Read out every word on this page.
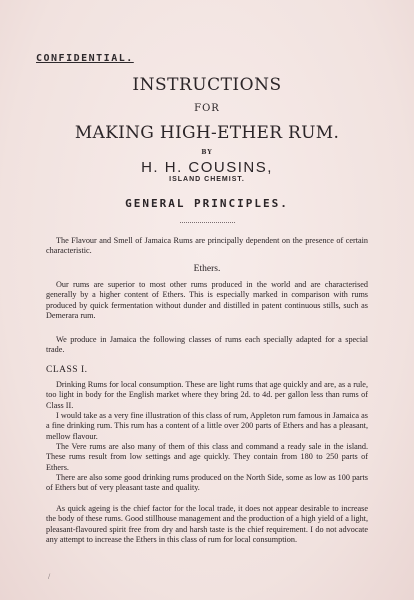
CONFIDENTIAL.
INSTRUCTIONS
FOR
MAKING HIGH-ETHER RUM.
BY
H. H. COUSINS,
ISLAND CHEMIST.
GENERAL PRINCIPLES.
The Flavour and Smell of Jamaica Rums are principally dependent on the presence of certain characteristic.
Ethers.
Our rums are superior to most other rums produced in the world and are characterised generally by a higher content of Ethers. This is especially marked in comparison with rums produced by quick fermentation without dunder and distilled in patent continuous stills, such as Demerara rum.
We produce in Jamaica the following classes of rums each specially adapted for a special trade.
CLASS I.
Drinking Rums for local consumption. These are light rums that age quickly and are, as a rule, too light in body for the English market where they bring 2d. to 4d. per gallon less than rums of Class II.
I would take as a very fine illustration of this class of rum, Appleton rum famous in Jamaica as a fine drinking rum. This rum has a content of a little over 200 parts of Ethers and has a pleasant, mellow flavour.
The Vere rums are also many of them of this class and command a ready sale in the island. These rums result from low settings and age quickly. They contain from 180 to 250 parts of Ethers.
There are also some good drinking rums produced on the North Side, some as low as 100 parts of Ethers but of very pleasant taste and quality.
As quick ageing is the chief factor for the local trade, it does not appear desirable to increase the body of these rums. Good stillhouse management and the production of a high yield of a light, pleasant-flavoured spirit free from dry and harsh taste is the chief requirement. I do not advocate any attempt to increase the Ethers in this class of rum for local consumption.
/
